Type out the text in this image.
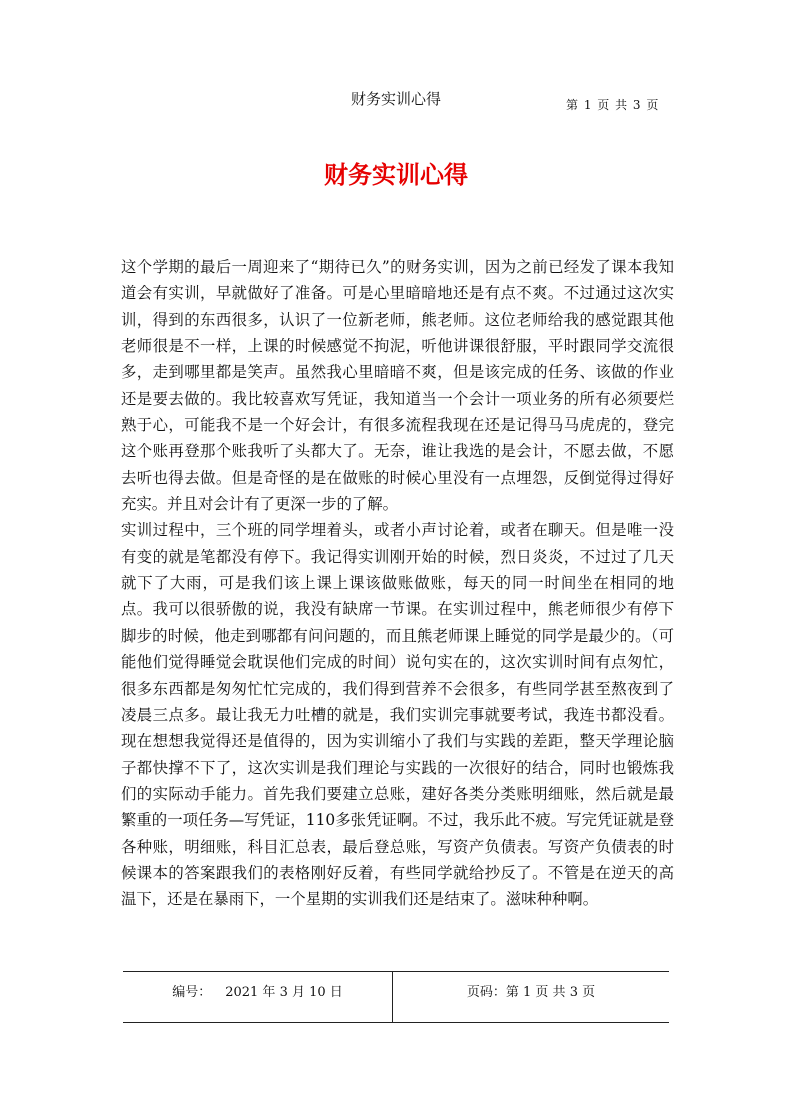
财务实训心得	第 1 页 共 3 页
财务实训心得

这个学期的最后一周迎来了“期待已久”的财务实训，因为之前已经发了课本我知道会有实训，早就做好了准备。可是心里暗暗地还是有点不爽。不过通过这次实训，得到的东西很多，认识了一位新老师，熊老师。这位老师给我的感觉跟其他老师很是不一样，上课的时候感觉不拘泥，听他讲课很舒服，平时跟同学交流很多，走到哪里都是笑声。虽然我心里暗暗不爽，但是该完成的任务、该做的作业还是要去做的。我比较喜欢写凭证，我知道当一个会计一项业务的所有必须要烂熟于心，可能我不是一个好会计，有很多流程我现在还是记得马马虎虎的，登完这个账再登那个账我听了头都大了。无奈，谁让我选的是会计，不愿去做，不愿去听也得去做。但是奇怪的是在做账的时候心里没有一点埋怨，反倒觉得过得好充实。并且对会计有了更深一步的了解。

实训过程中，三个班的同学埋着头，或者小声讨论着，或者在聊天。但是唯一没有变的就是笔都没有停下。我记得实训刚开始的时候，烈日炎炎，不过过了几天就下了大雨，可是我们该上课上课该做账做账，每天的同一时间坐在相同的地点。我可以很骄傲的说，我没有缺席一节课。在实训过程中，熊老师很少有停下脚步的时候，他走到哪都有问问题的，而且熊老师课上睡觉的同学是最少的。（可能他们觉得睡觉会耽误他们完成的时间）说句实在的，这次实训时间有点匆忙，很多东西都是匆匆忙忙完成的，我们得到营养不会很多，有些同学甚至熬夜到了凌晨三点多。最让我无力吐槽的就是，我们实训完事就要考试，我连书都没看。现在想想我觉得还是值得的，因为实训缩小了我们与实践的差距，整天学理论脑子都快撑不下了，这次实训是我们理论与实践的一次很好的结合，同时也锻炼我们的实际动手能力。首先我们要建立总账，建好各类分类账明细账，然后就是最繁重的一项任务—写凭证，110多张凭证啊。不过，我乐此不疲。写完凭证就是登各种账，明细账，科目汇总表，最后登总账，写资产负债表。写资产负债表的时候课本的答案跟我们的表格刚好反着，有些同学就给抄反了。不管是在逆天的高温下，还是在暴雨下，一个星期的实训我们还是结束了。滋味种种啊。

编号： 2021 年 3 月 10 日	页码：第 1 页 共 3 页
